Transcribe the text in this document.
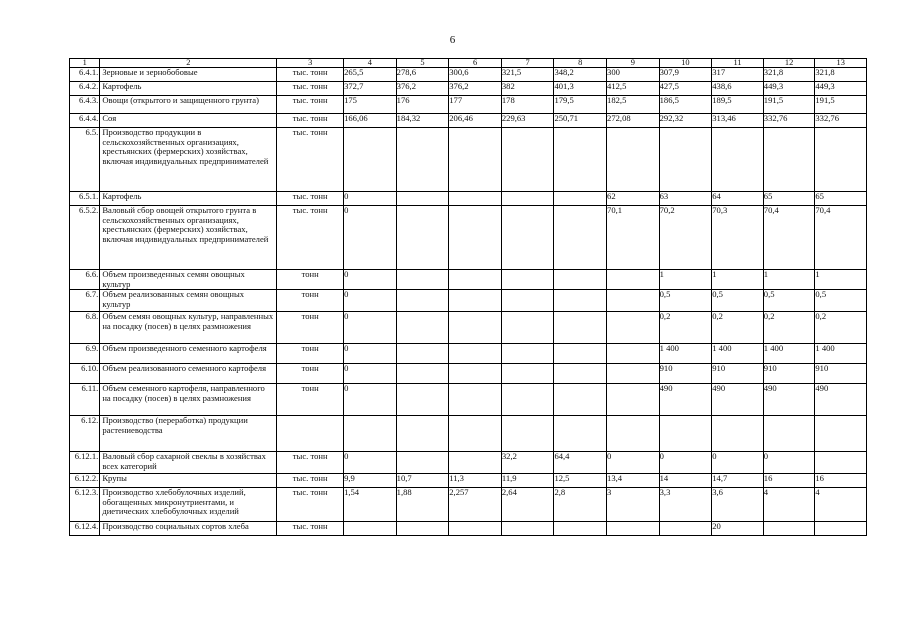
6
1	2	3	4	5	6	7	8	9	10	11	12	13
6.4.1.	Зерновые и зернобобовые	тыс. тонн	265,5	278,6	300,6	321,5	348,2	300	307,9	317	321,8	321,8
6.4.2.	Картофель	тыс. тонн	372,7	376,2	376,2	382	401,3	412,5	427,5	438,6	449,3	449,3
6.4.3.	Овощи (открытого и защищенного грунта)	тыс. тонн	175	176	177	178	179,5	182,5	186,5	189,5	191,5	191,5
6.4.4.	Соя	тыс. тонн	166,06	184,32	206,46	229,63	250,71	272,08	292,32	313,46	332,76	332,76
6.5.	Производство продукции в сельскохозяйственных организациях, крестьянских (фермерских) хозяйствах, включая индивидуальных предпринимателей	тыс. тонн										
6.5.1.	Картофель	тыс. тонн	0					62	63	64	65	65
6.5.2.	Валовый сбор овощей открытого грунта в сельскохозяйственных организациях, крестьянских (фермерских) хозяйствах, включая индивидуальных предпринимателей	тыс. тонн	0					70,1	70,2	70,3	70,4	70,4
6.6.	Объем произведенных семян овощных культур	тонн	0						1	1	1	1
6.7.	Объем реализованных семян овощных культур	тонн	0						0,5	0,5	0,5	0,5
6.8.	Объем семян овощных культур, направленных на посадку (посев) в целях размножения	тонн	0						0,2	0,2	0,2	0,2
6.9.	Объем произведенного семенного картофеля	тонн	0						1 400	1 400	1 400	1 400
6.10.	Объем реализованного семенного картофеля	тонн	0						910	910	910	910
6.11.	Объем семенного картофеля, направленного на посадку (посев) в целях размножения	тонн	0						490	490	490	490
6.12.	Производство (переработка) продукции растениеводства											
6.12.1.	Валовый сбор сахарной свеклы в хозяйствах всех категорий	тыс. тонн	0			32,2	64,4	0	0	0	0	
6.12.2.	Крупы	тыс. тонн	9,9	10,7	11,3	11,9	12,5	13,4	14	14,7	16	16
6.12.3.	Производство хлебобулочных изделий, обогащенных микронутриентами, и диетических хлебобулочных изделий	тыс. тонн	1,54	1,88	2,257	2,64	2,8	3	3,3	3,6	4	4
6.12.4.	Производство социальных сортов хлеба	тыс. тонн								20		
